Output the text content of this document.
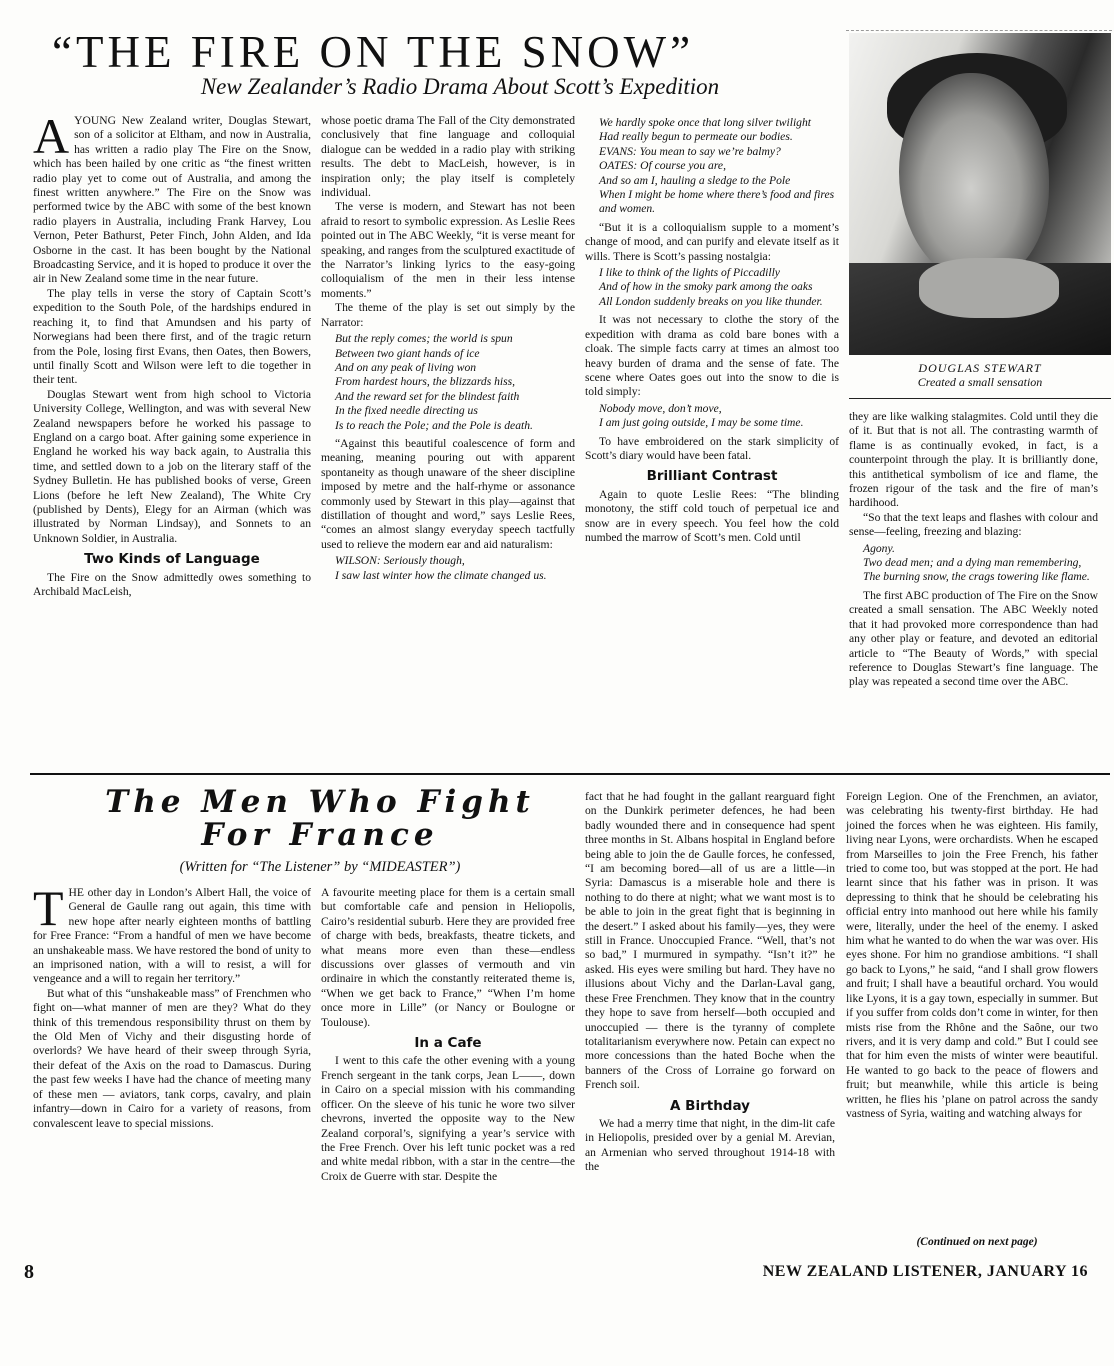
“THE FIRE ON THE SNOW”
New Zealander’s Radio Drama About Scott’s Expedition
A YOUNG New Zealand writer, Douglas Stewart, son of a solicitor at Eltham, and now in Australia, has written a radio play The Fire on the Snow, which has been hailed by one critic as “the finest written radio play yet to come out of Australia, and among the finest written anywhere.” The Fire on the Snow was performed twice by the ABC with some of the best known radio players in Australia, including Frank Harvey, Lou Vernon, Peter Bathurst, Peter Finch, John Alden, and Ida Osborne in the cast. It has been bought by the National Broadcasting Service, and it is hoped to produce it over the air in New Zealand some time in the near future.

The play tells in verse the story of Captain Scott’s expedition to the South Pole, of the hardships endured in reaching it, to find that Amundsen and his party of Norwegians had been there first, and of the tragic return from the Pole, losing first Evans, then Oates, then Bowers, until finally Scott and Wilson were left to die together in their tent.

Douglas Stewart went from high school to Victoria University College, Wellington, and was with several New Zealand newspapers before he worked his passage to England on a cargo boat. After gaining some experience in England he worked his way back again, to Australia this time, and settled down to a job on the literary staff of the Sydney Bulletin. He has published books of verse, Green Lions (before he left New Zealand), The White Cry (published by Dents), Elegy for an Airman (which was illustrated by Norman Lindsay), and Sonnets to an Unknown Soldier, in Australia.

Two Kinds of Language

The Fire on the Snow admittedly owes something to Archibald MacLeish,

whose poetic drama The Fall of the City demonstrated conclusively that fine language and colloquial dialogue can be wedded in a radio play with striking results. The debt to MacLeish, however, is in inspiration only; the play itself is completely individual.

The verse is modern, and Stewart has not been afraid to resort to symbolic expression. As Leslie Rees pointed out in The ABC Weekly, “it is verse meant for speaking, and ranges from the sculptured exactitude of the Narrator’s linking lyrics to the easy-going colloquialism of the men in their less intense moments.”

The theme of the play is set out simply by the Narrator:

But the reply comes; the world is spun

Between two giant hands of ice

And on any peak of living won

From hardest hours, the blizzards hiss,

And the reward set for the blindest faith

In the fixed needle directing us

Is to reach the Pole; and the Pole is death.

“Against this beautiful coalescence of form and meaning, meaning pouring out with apparent spontaneity as though unaware of the sheer discipline imposed by metre and the half-rhyme or assonance commonly used by Stewart in this play—against that distillation of thought and word,” says Leslie Rees, “comes an almost slangy everyday speech tactfully used to relieve the modern ear and aid naturalism:

WILSON: Seriously though,

I saw last winter how the climate changed us.

We hardly spoke once that long silver twilight

Had really begun to permeate our bodies.

EVANS: You mean to say we’re balmy?

OATES: Of course you are,

And so am I, hauling a sledge to the Pole

When I might be home where there’s food and fires and women.

“But it is a colloquialism supple to a moment’s change of mood, and can purify and elevate itself as it wills. There is Scott’s passing nostalgia:

I like to think of the lights of Piccadilly

And of how in the smoky park among the oaks

All London suddenly breaks on you like thunder.

It was not necessary to clothe the story of the expedition with drama as cold bare bones with a cloak. The simple facts carry at times an almost too heavy burden of drama and the sense of fate. The scene where Oates goes out into the snow to die is told simply:

Nobody move, don’t move,

I am just going outside, I may be some time.

To have embroidered on the stark simplicity of Scott’s diary would have been fatal.

Brilliant Contrast

Again to quote Leslie Rees: “The blinding monotony, the stiff cold touch of perpetual ice and snow are in every speech. You feel how the cold numbed the marrow of Scott’s men. Cold until

DOUGLAS STEWART
Created a small sensation

they are like walking stalagmites. Cold until they die of it. But that is not all. The contrasting warmth of flame is as continually evoked, in fact, is a counterpoint through the play. It is brilliantly done, this antithetical symbolism of ice and flame, the frozen rigour of the task and the fire of man’s hardihood.

“So that the text leaps and flashes with colour and sense—feeling, freezing and blazing:

Agony.

Two dead men; and a dying man remembering,

The burning snow, the crags towering like flame.

The first ABC production of The Fire on the Snow created a small sensation. The ABC Weekly noted that it had provoked more correspondence than had any other play or feature, and devoted an editorial article to “The Beauty of Words,” with special reference to Douglas Stewart’s fine language. The play was repeated a second time over the ABC.

The Men Who Fight
For France
(Written for “The Listener” by “MIDEASTER”)
T HE other day in London’s Albert Hall, the voice of General de Gaulle rang out again, this time with new hope after nearly eighteen months of battling for Free France: “From a handful of men we have become an unshakeable mass. We have restored the bond of unity to an imprisoned nation, with a will to resist, a will for vengeance and a will to regain her territory.”

But what of this “unshakeable mass” of Frenchmen who fight on—what manner of men are they? What do they think of this tremendous responsibility thrust on them by the Old Men of Vichy and their disgusting horde of overlords? We have heard of their sweep through Syria, their defeat of the Axis on the road to Damascus. During the past few weeks I have had the chance of meeting many of these men — aviators, tank corps, cavalry, and plain infantry—down in Cairo for a variety of reasons, from convalescent leave to special missions.

A favourite meeting place for them is a certain small but comfortable cafe and pension in Heliopolis, Cairo’s residential suburb. Here they are provided free of charge with beds, breakfasts, theatre tickets, and what means more even than these—endless discussions over glasses of vermouth and vin ordinaire in which the constantly reiterated theme is, “When we get back to France,” “When I’m home once more in Lille” (or Nancy or Boulogne or Toulouse).

In a Cafe

I went to this cafe the other evening with a young French sergeant in the tank corps, Jean L——, down in Cairo on a special mission with his commanding officer. On the sleeve of his tunic he wore two silver chevrons, inverted the opposite way to the New Zealand corporal’s, signifying a year’s service with the Free French. Over his left tunic pocket was a red and white medal ribbon, with a star in the centre—the Croix de Guerre with star. Despite the

fact that he had fought in the gallant rearguard fight on the Dunkirk perimeter defences, he had been badly wounded there and in consequence had spent three months in St. Albans hospital in England before being able to join the de Gaulle forces, he confessed, “I am becoming bored—all of us are a little—in Syria: Damascus is a miserable hole and there is nothing to do there at night; what we want most is to be able to join in the great fight that is beginning in the desert.” I asked about his family—yes, they were still in France. Unoccupied France. “Well, that’s not so bad,” I murmured in sympathy. “Isn’t it?” he asked. His eyes were smiling but hard. They have no illusions about Vichy and the Darlan-Laval gang, these Free Frenchmen. They know that in the country they hope to save from herself—both occupied and unoccupied — there is the tyranny of complete totalitarianism everywhere now. Petain can expect no more concessions than the hated Boche when the banners of the Cross of Lorraine go forward on French soil.

A Birthday

We had a merry time that night, in the dim-lit cafe in Heliopolis, presided over by a genial M. Arevian, an Armenian who served throughout 1914-18 with the

Foreign Legion. One of the Frenchmen, an aviator, was celebrating his twenty-first birthday. He had joined the forces when he was eighteen. His family, living near Lyons, were orchardists. When he escaped from Marseilles to join the Free French, his father tried to come too, but was stopped at the port. He had learnt since that his father was in prison. It was depressing to think that he should be celebrating his official entry into manhood out here while his family were, literally, under the heel of the enemy. I asked him what he wanted to do when the war was over. His eyes shone. For him no grandiose ambitions. “I shall go back to Lyons,” he said, “and I shall grow flowers and fruit; I shall have a beautiful orchard. You would like Lyons, it is a gay town, especially in summer. But if you suffer from colds don’t come in winter, for then mists rise from the Rhône and the Saône, our two rivers, and it is very damp and cold.” But I could see that for him even the mists of winter were beautiful. He wanted to go back to the peace of flowers and fruit; but meanwhile, while this article is being written, he flies his ’plane on patrol across the sandy vastness of Syria, waiting and watching always for

(Continued on next page)
8	NEW ZEALAND LISTENER, JANUARY 16
